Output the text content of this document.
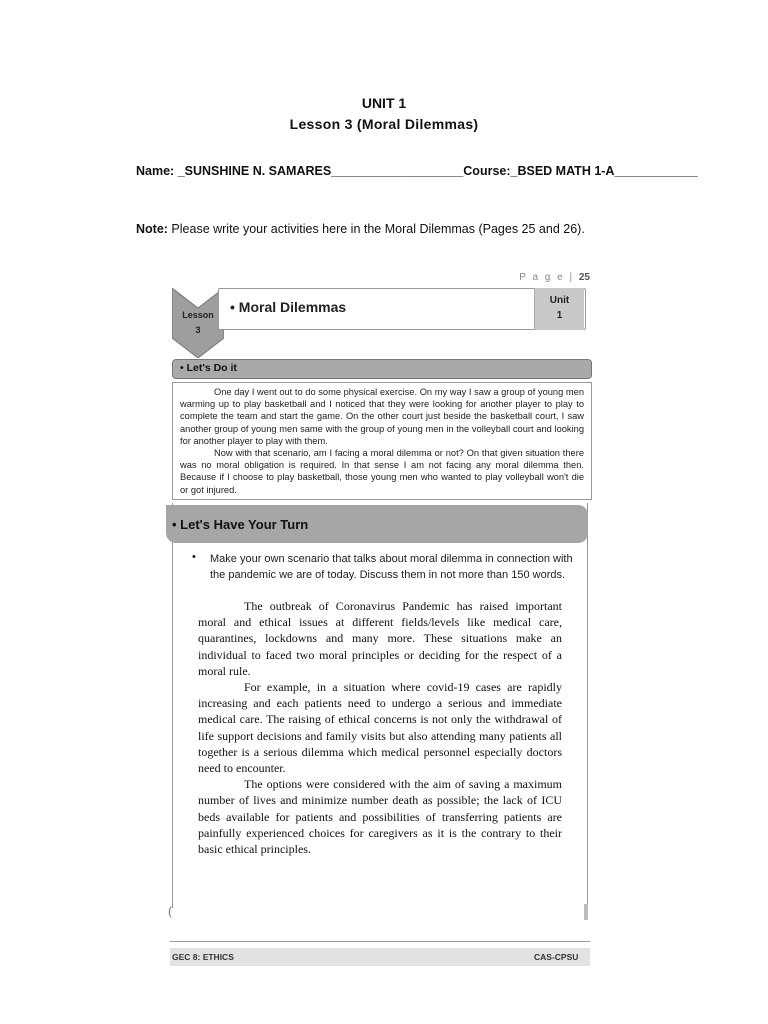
UNIT 1
Lesson 3 (Moral Dilemmas)
Name: _SUNSHINE N. SAMARES___________________Course:_BSED MATH 1-A____________
Note: Please write your activities here in the Moral Dilemmas (Pages 25 and 26).
P a g e | 25
Lesson
3
• Moral Dilemmas	Unit
1
• Let's Do it

One day I went out to do some physical exercise. On my way I saw a group of young men warming up to play basketball and I noticed that they were looking for another player to play to complete the team and start the game. On the other court just beside the basketball court, I saw another group of young men same with the group of young men in the volleyball court and looking for another player to play with them.

Now with that scenario, am I facing a moral dilemma or not? On that given situation there was no moral obligation is required. In that sense I am not facing any moral dilemma then. Because if I choose to play basketball, those young men who wanted to play volleyball won't die or got injured.

• Let's Have Your Turn
•	Make your own scenario that talks about moral dilemma in connection with the pandemic we are of today. Discuss them in not more than 150 words.

The outbreak of Coronavirus Pandemic has raised important moral and ethical issues at different fields/levels like medical care, quarantines, lockdowns and many more. These situations make an individual to faced two moral principles or deciding for the respect of a moral rule.

For example, in a situation where covid-19 cases are rapidly increasing and each patients need to undergo a serious and immediate medical care. The raising of ethical concerns is not only the withdrawal of life support decisions and family visits but also attending many patients all together is a serious dilemma which medical personnel especially doctors need to encounter.

The options were considered with the aim of saving a maximum number of lives and minimize number death as possible; the lack of ICU beds available for patients and possibilities of transferring patients are painfully experienced choices for caregivers as it is the contrary to their basic ethical principles.

(
GEC 8: ETHICS	CAS-CPSU
